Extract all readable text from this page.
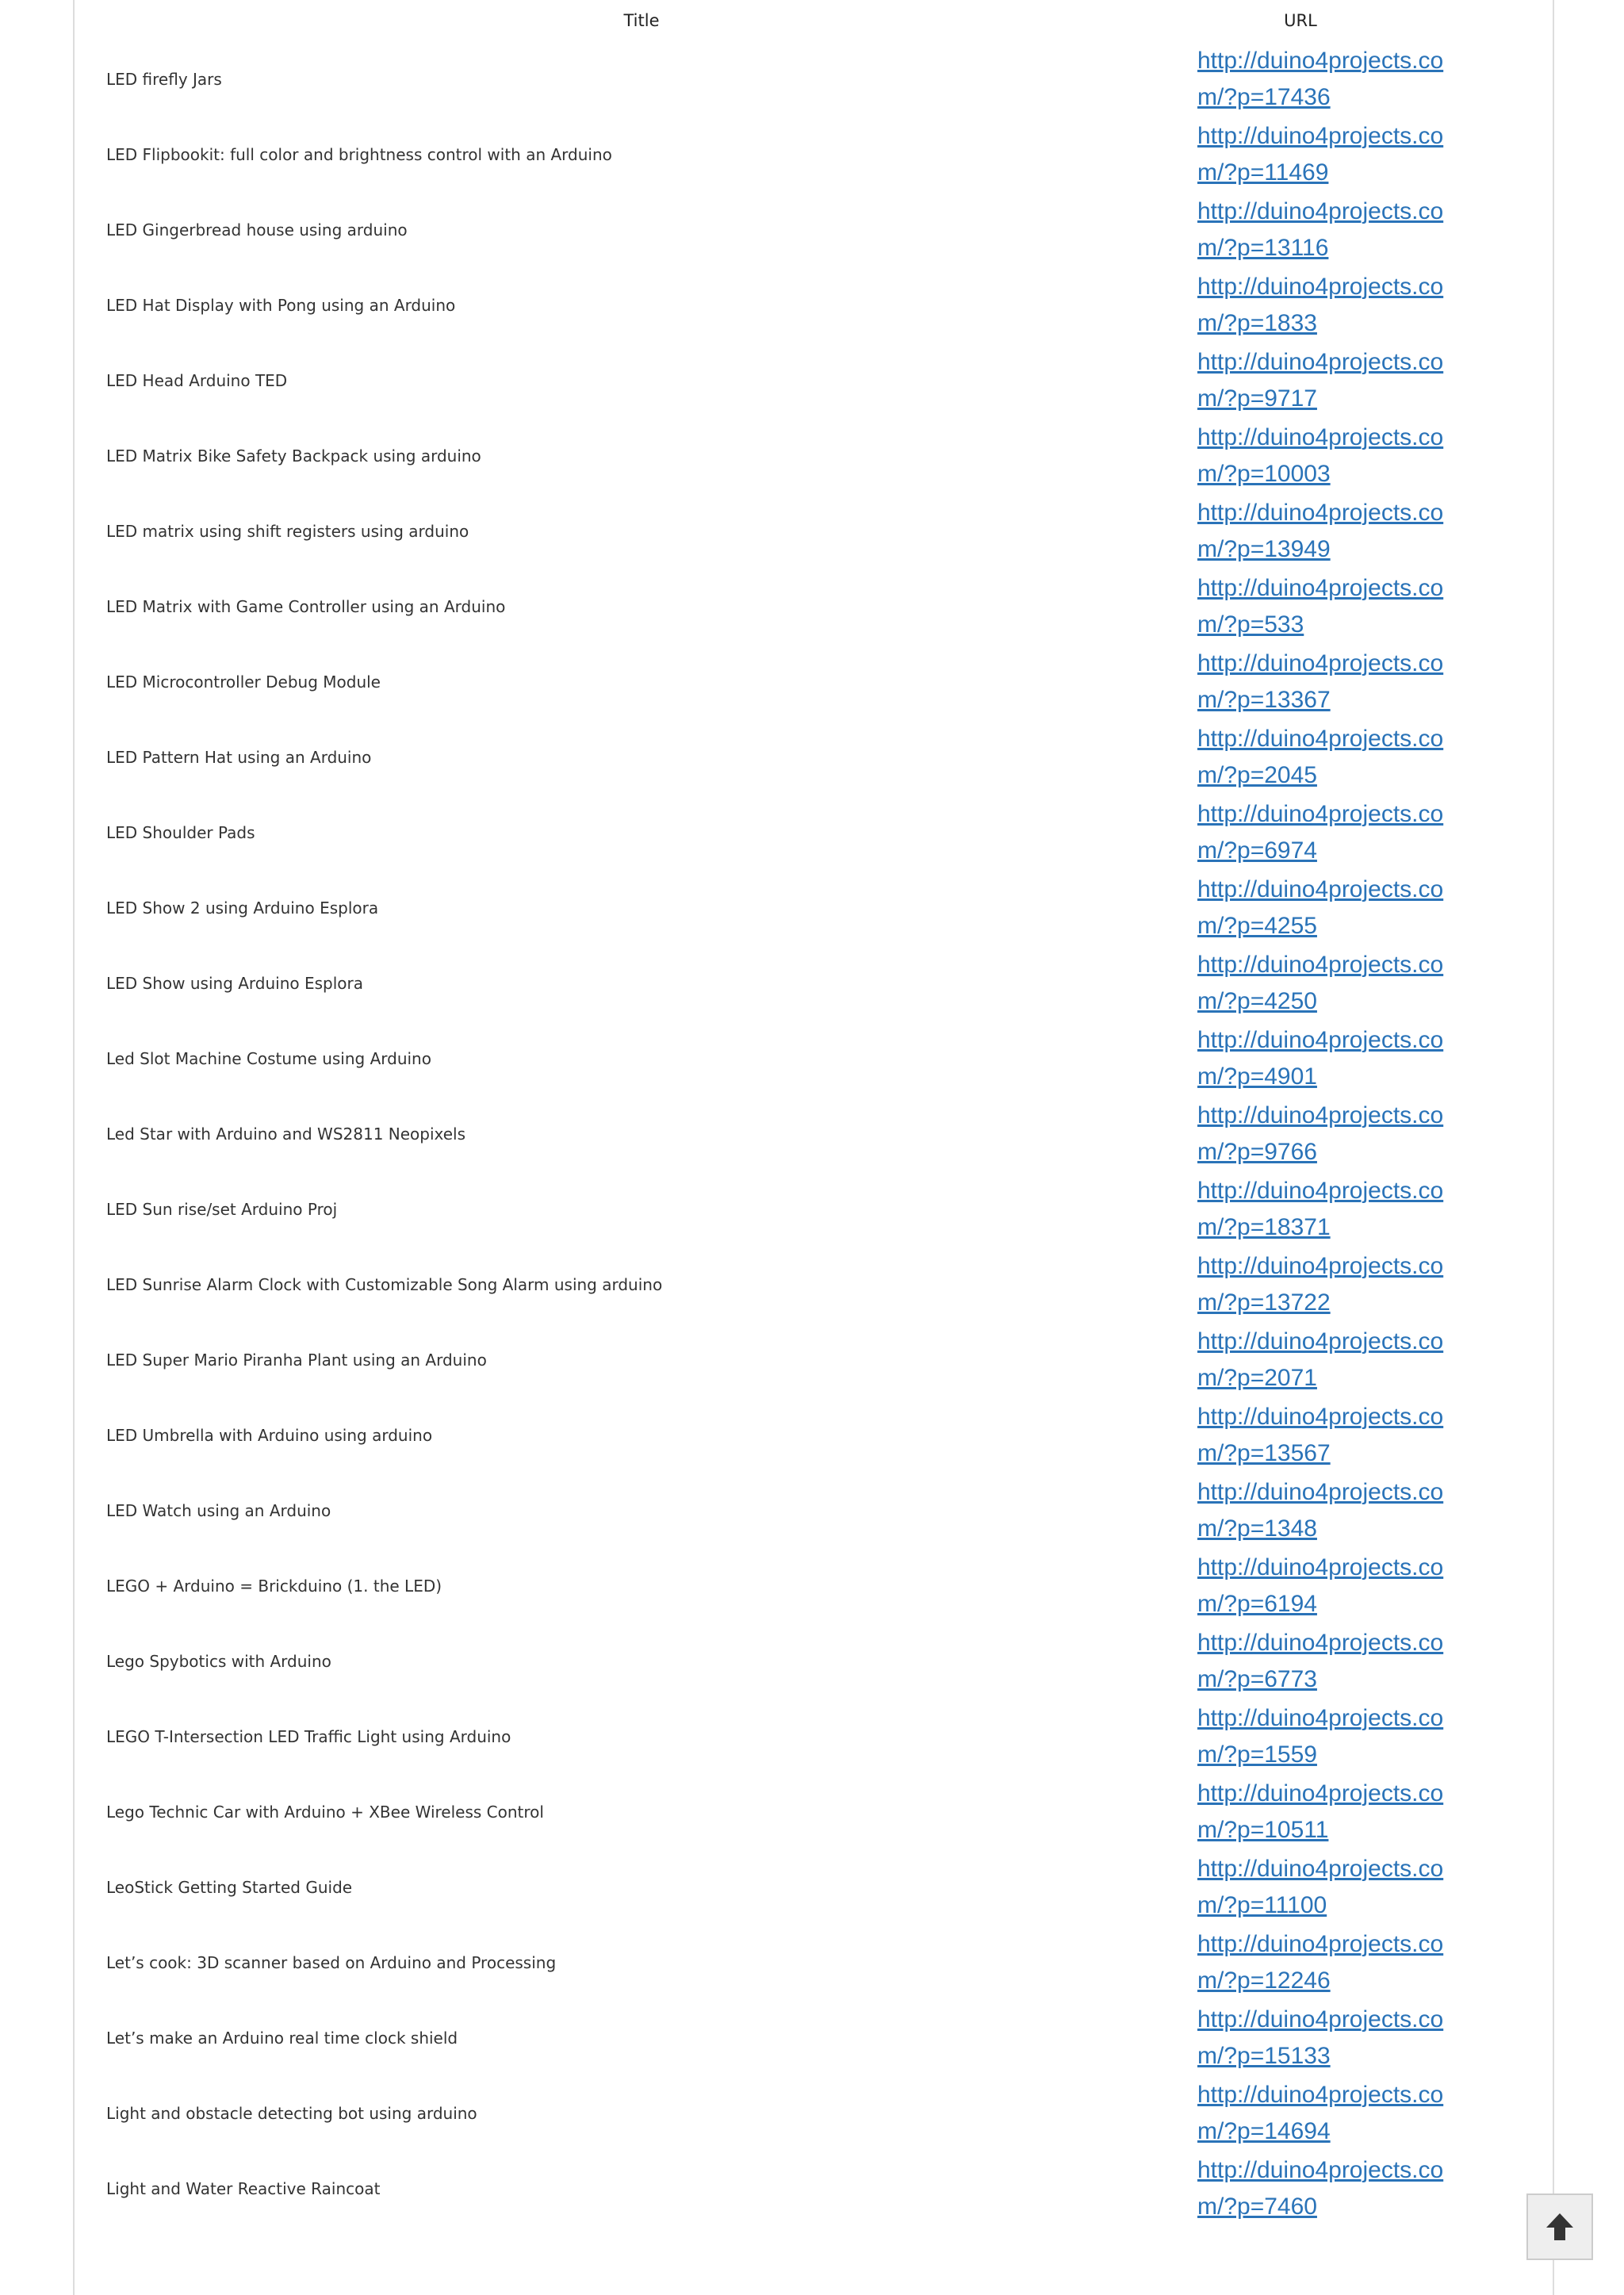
Title	URL
LED firefly Jars	http://duino4projects.com/?p=17436

LED Flipbookit: full color and brightness control with an Arduino	http://duino4projects.com/?p=11469

LED Gingerbread house using arduino	http://duino4projects.com/?p=13116

LED Hat Display with Pong using an Arduino	http://duino4projects.com/?p=1833

LED Head Arduino TED	http://duino4projects.com/?p=9717

LED Matrix Bike Safety Backpack using arduino	http://duino4projects.com/?p=10003

LED matrix using shift registers using arduino	http://duino4projects.com/?p=13949

LED Matrix with Game Controller using an Arduino	http://duino4projects.com/?p=533

LED Microcontroller Debug Module	http://duino4projects.com/?p=13367

LED Pattern Hat using an Arduino	http://duino4projects.com/?p=2045

LED Shoulder Pads	http://duino4projects.com/?p=6974

LED Show 2 using Arduino Esplora	http://duino4projects.com/?p=4255

LED Show using Arduino Esplora	http://duino4projects.com/?p=4250

Led Slot Machine Costume using Arduino	http://duino4projects.com/?p=4901

Led Star with Arduino and WS2811 Neopixels	http://duino4projects.com/?p=9766

LED Sun rise/set Arduino Proj	http://duino4projects.com/?p=18371

LED Sunrise Alarm Clock with Customizable Song Alarm using arduino	http://duino4projects.com/?p=13722

LED Super Mario Piranha Plant using an Arduino	http://duino4projects.com/?p=2071

LED Umbrella with Arduino using arduino	http://duino4projects.com/?p=13567

LED Watch using an Arduino	http://duino4projects.com/?p=1348

LEGO + Arduino = Brickduino (1. the LED)	http://duino4projects.com/?p=6194

Lego Spybotics with Arduino	http://duino4projects.com/?p=6773

LEGO T-Intersection LED Traffic Light using Arduino	http://duino4projects.com/?p=1559

Lego Technic Car with Arduino + XBee Wireless Control	http://duino4projects.com/?p=10511

LeoStick Getting Started Guide	http://duino4projects.com/?p=11100

Let’s cook: 3D scanner based on Arduino and Processing	http://duino4projects.com/?p=12246

Let’s make an Arduino real time clock shield	http://duino4projects.com/?p=15133

Light and obstacle detecting bot using arduino	http://duino4projects.com/?p=14694

Light and Water Reactive Raincoat	http://duino4projects.com/?p=7460
